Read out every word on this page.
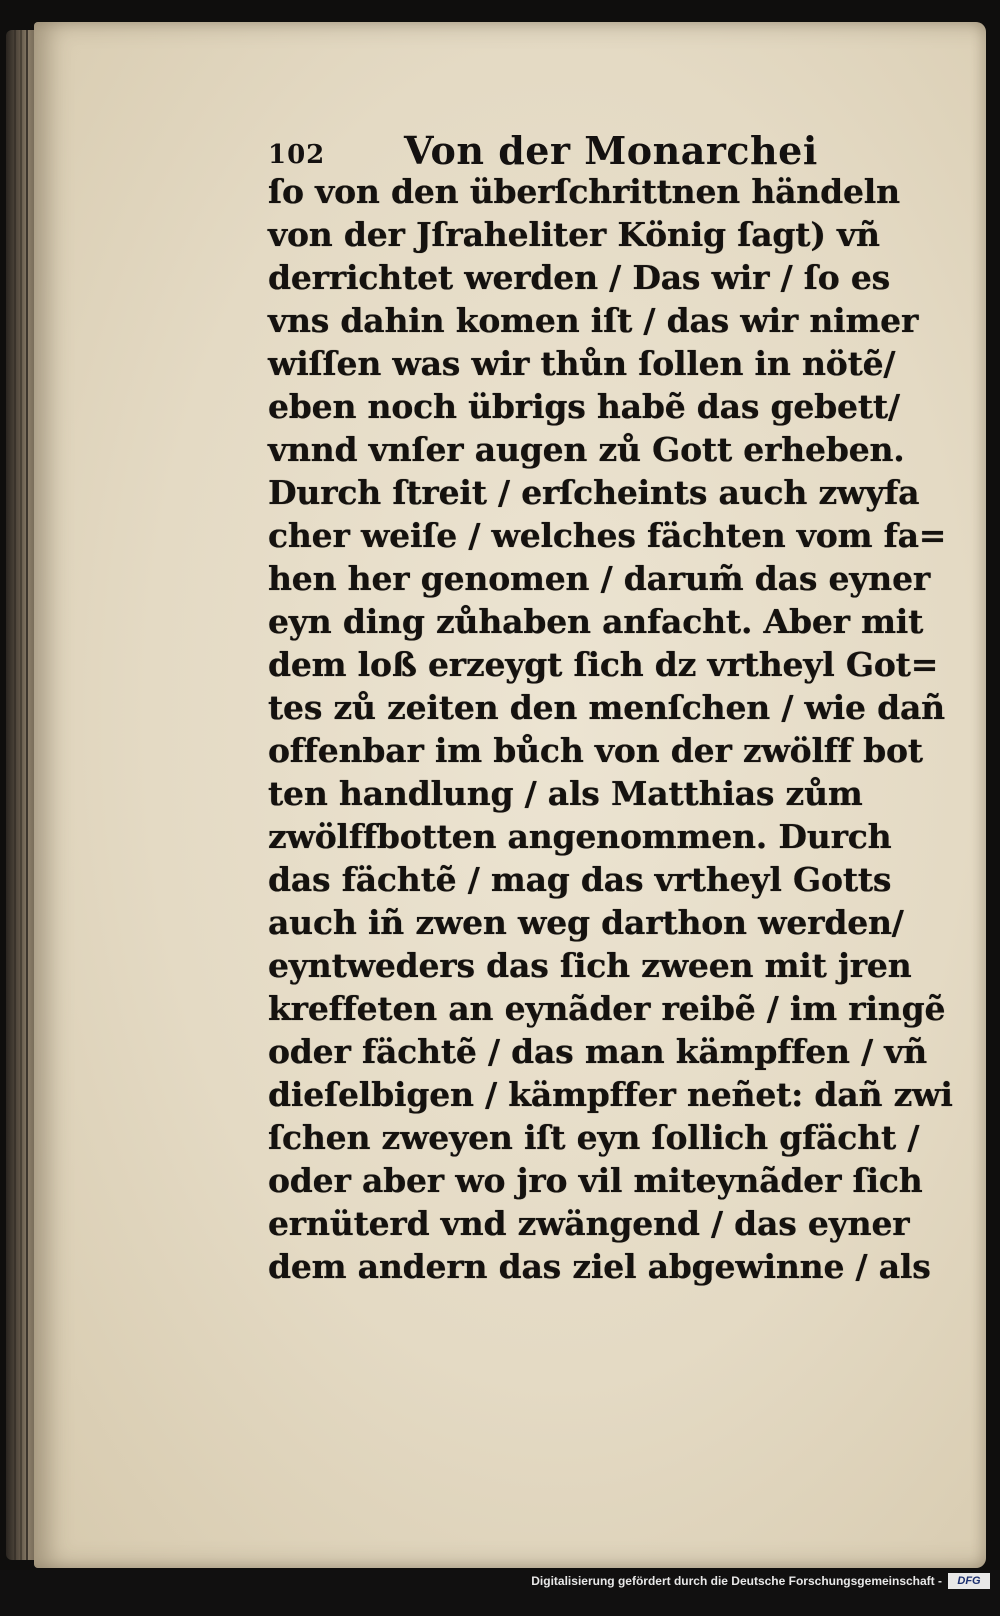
102 Von der Monarchei
ſo von den überſchrittnen händeln
von der Jſraheliter König ſagt) vñ
derrichtet werden / Das wir / ſo es
vns dahin komen iſt / das wir nimer
wiſſen was wir thůn ſollen in nötẽ/
eben noch übrigs habẽ das gebett/
vnnd vnſer augen zů Gott erheben.
Durch ſtreit / erſcheints auch zwyfa
cher weiſe / welches fächten vom fa=
hen her genomen / darum̃ das eyner
eyn ding zůhaben anfacht. Aber mit
dem loß erzeygt ſich dz vrtheyl Got=
tes zů zeiten den menſchen / wie dañ
offenbar im bůch von der zwölff bot
ten handlung / als Matthias zům
zwölffbotten angenommen. Durch
das fächtẽ / mag das vrtheyl Gotts
auch iñ zwen weg darthon werden/
eyntweders das ſich zween mit jren
kreffeten an eynãder reibẽ / im ringẽ
oder fächtẽ / das man kämpffen / vñ
dieſelbigen / kämpffer neñet: dañ zwi
ſchen zweyen iſt eyn ſollich gfächt /
oder aber wo jro vil miteynãder ſich
ernüterd vnd zwängend / das eyner
dem andern das ziel abgewinne / als
Digitalisierung gefördert durch die Deutsche Forschungsgemeinschaft -	DFG
